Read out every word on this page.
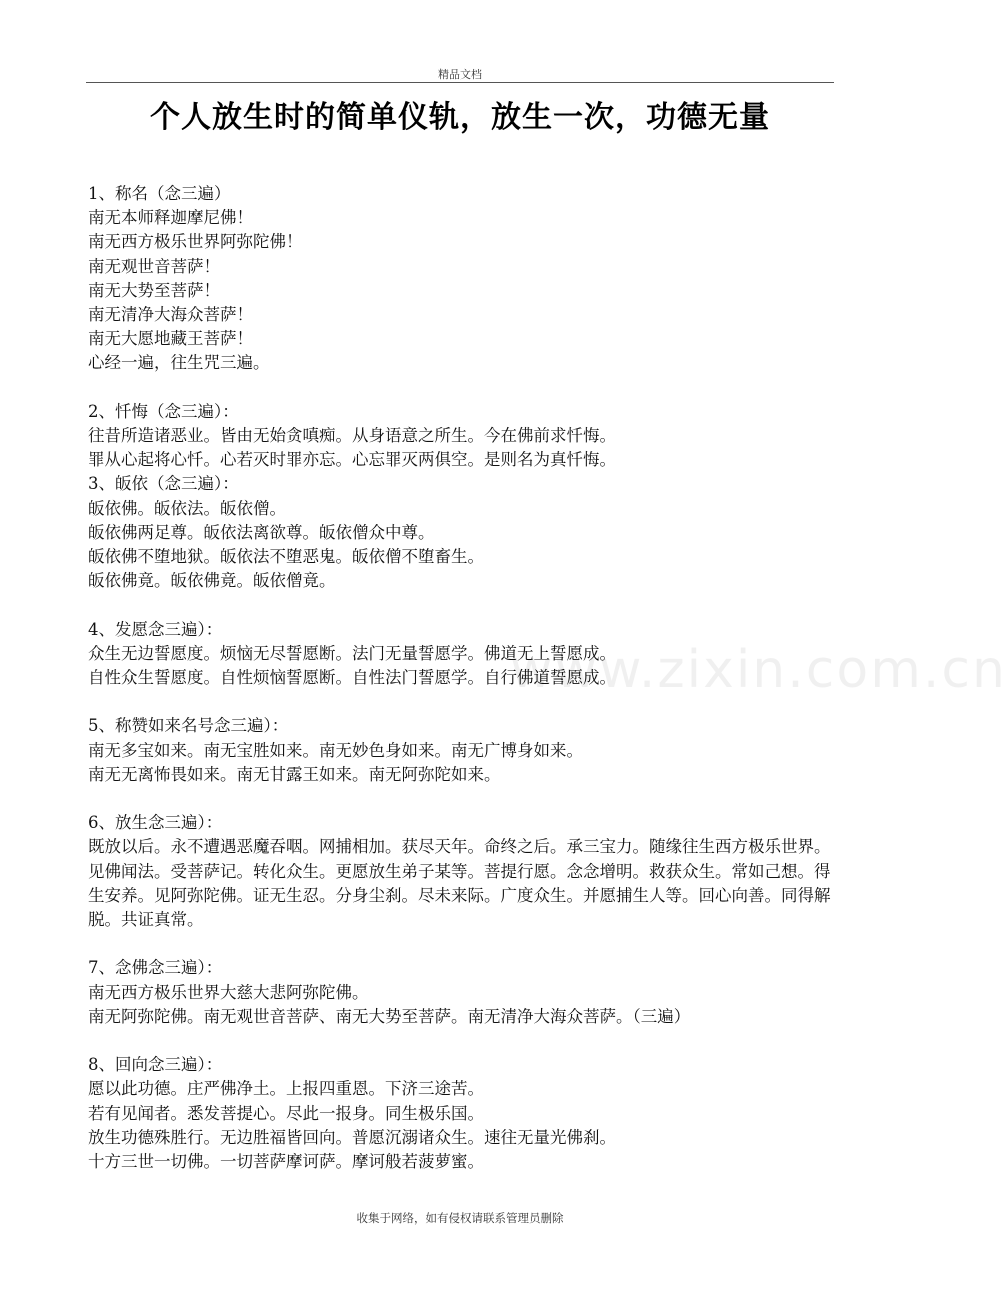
精品文档
个人放生时的简单仪轨，放生一次，功德无量
www.zixin.com.cn
1、称名（念三遍）
南无本师释迦摩尼佛！
南无西方极乐世界阿弥陀佛！
南无观世音菩萨！
南无大势至菩萨！
南无清净大海众菩萨！
南无大愿地藏王菩萨！
心经一遍，往生咒三遍。
2、忏悔（念三遍）：
往昔所造诸恶业。皆由无始贪嗔痴。从身语意之所生。今在佛前求忏悔。
罪从心起将心忏。心若灭时罪亦忘。心忘罪灭两俱空。是则名为真忏悔。
3、皈依（念三遍）：
皈依佛。皈依法。皈依僧。
皈依佛两足尊。皈依法离欲尊。皈依僧众中尊。
皈依佛不堕地狱。皈依法不堕恶鬼。皈依僧不堕畜生。
皈依佛竟。皈依佛竟。皈依僧竟。
4、发愿念三遍）：
众生无边誓愿度。烦恼无尽誓愿断。法门无量誓愿学。佛道无上誓愿成。
自性众生誓愿度。自性烦恼誓愿断。自性法门誓愿学。自行佛道誓愿成。
5、称赞如来名号念三遍）：
南无多宝如来。南无宝胜如来。南无妙色身如来。南无广博身如来。
南无无离怖畏如来。南无甘露王如来。南无阿弥陀如来。
6、放生念三遍）：
既放以后。永不遭遇恶魔吞咽。网捕相加。获尽天年。命终之后。承三宝力。随缘往生西方极乐世界。见佛闻法。受菩萨记。转化众生。更愿放生弟子某等。菩提行愿。念念增明。救获众生。常如己想。得生安养。见阿弥陀佛。证无生忍。分身尘刹。尽未来际。广度众生。并愿捕生人等。回心向善。同得解脱。共证真常。
7、念佛念三遍）：
南无西方极乐世界大慈大悲阿弥陀佛。
南无阿弥陀佛。南无观世音菩萨、南无大势至菩萨。南无清净大海众菩萨。（三遍）
8、回向念三遍）：
愿以此功德。庄严佛净土。上报四重恩。下济三途苦。
若有见闻者。悉发菩提心。尽此一报身。同生极乐国。
放生功德殊胜行。无边胜福皆回向。普愿沉溺诸众生。速往无量光佛刹。
十方三世一切佛。一切菩萨摩诃萨。摩诃般若菠萝蜜。
收集于网络，如有侵权请联系管理员删除
